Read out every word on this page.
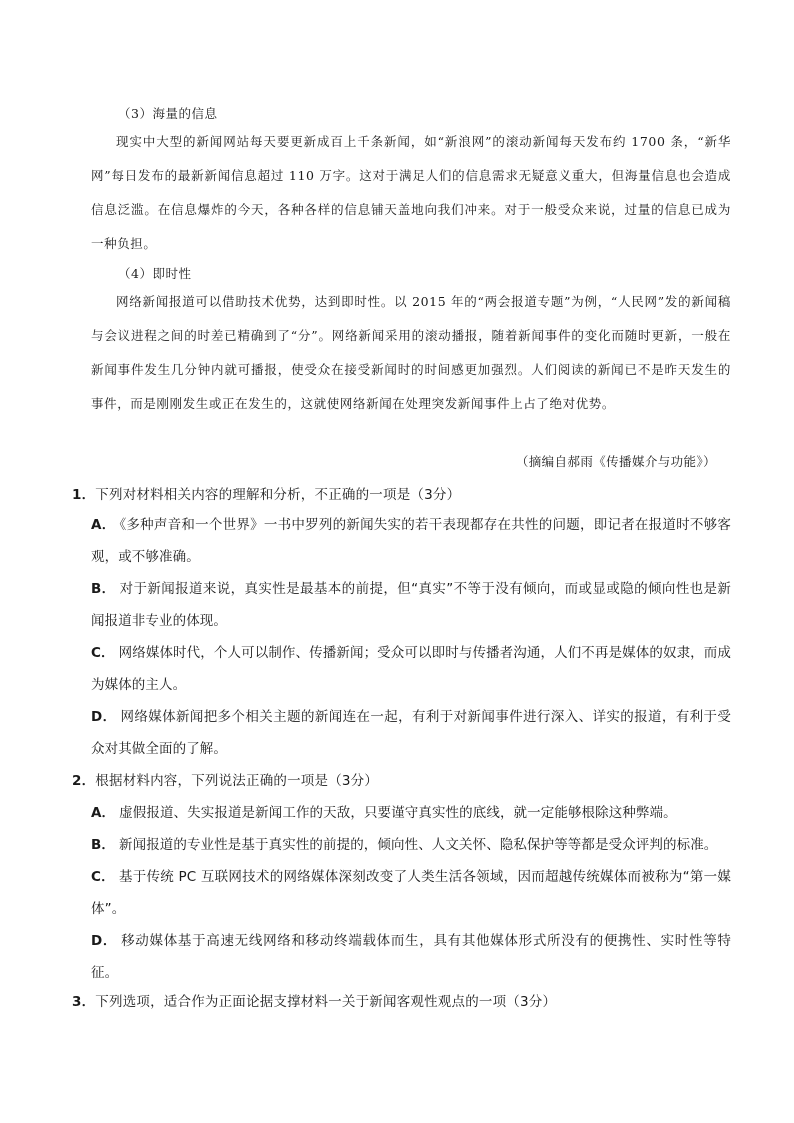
（3）海量的信息

现实中大型的新闻网站每天要更新成百上千条新闻，如“新浪网”的滚动新闻每天发布约 1700 条，“新华网”每日发布的最新新闻信息超过 110 万字。这对于满足人们的信息需求无疑意义重大，但海量信息也会造成信息泛滥。在信息爆炸的今天，各种各样的信息铺天盖地向我们冲来。对于一般受众来说，过量的信息已成为一种负担。

（4）即时性

网络新闻报道可以借助技术优势，达到即时性。以 2015 年的“两会报道专题”为例，“人民网”发的新闻稿与会议进程之间的时差已精确到了“分”。网络新闻采用的滚动播报，随着新闻事件的变化而随时更新，一般在新闻事件发生几分钟内就可播报，使受众在接受新闻时的时间感更加强烈。人们阅读的新闻已不是昨天发生的事件，而是刚刚发生或正在发生的，这就使网络新闻在处理突发新闻事件上占了绝对优势。

（摘编自郝雨《传播媒介与功能》）
1．下列对材料相关内容的理解和分析，不正确的一项是（3分）

A． 《多种声音和一个世界》一书中罗列的新闻失实的若干表现都存在共性的问题，即记者在报道时不够客观，或不够准确。

B． 对于新闻报道来说，真实性是最基本的前提，但“真实”不等于没有倾向，而或显或隐的倾向性也是新闻报道非专业的体现。

C． 网络媒体时代，个人可以制作、传播新闻；受众可以即时与传播者沟通，人们不再是媒体的奴隶，而成为媒体的主人。

D． 网络媒体新闻把多个相关主题的新闻连在一起，有利于对新闻事件进行深入、详实的报道，有利于受众对其做全面的了解。

2．根据材料内容，下列说法正确的一项是（3分）

A． 虚假报道、失实报道是新闻工作的天敌，只要谨守真实性的底线，就一定能够根除这种弊端。

B． 新闻报道的专业性是基于真实性的前提的，倾向性、人文关怀、隐私保护等等都是受众评判的标准。

C． 基于传统 PC 互联网技术的网络媒体深刻改变了人类生活各领域，因而超越传统媒体而被称为“第一媒体”。

D． 移动媒体基于高速无线网络和移动终端载体而生，具有其他媒体形式所没有的便携性、实时性等特征。

3．下列选项，适合作为正面论据支撑材料一关于新闻客观性观点的一项（3分）
